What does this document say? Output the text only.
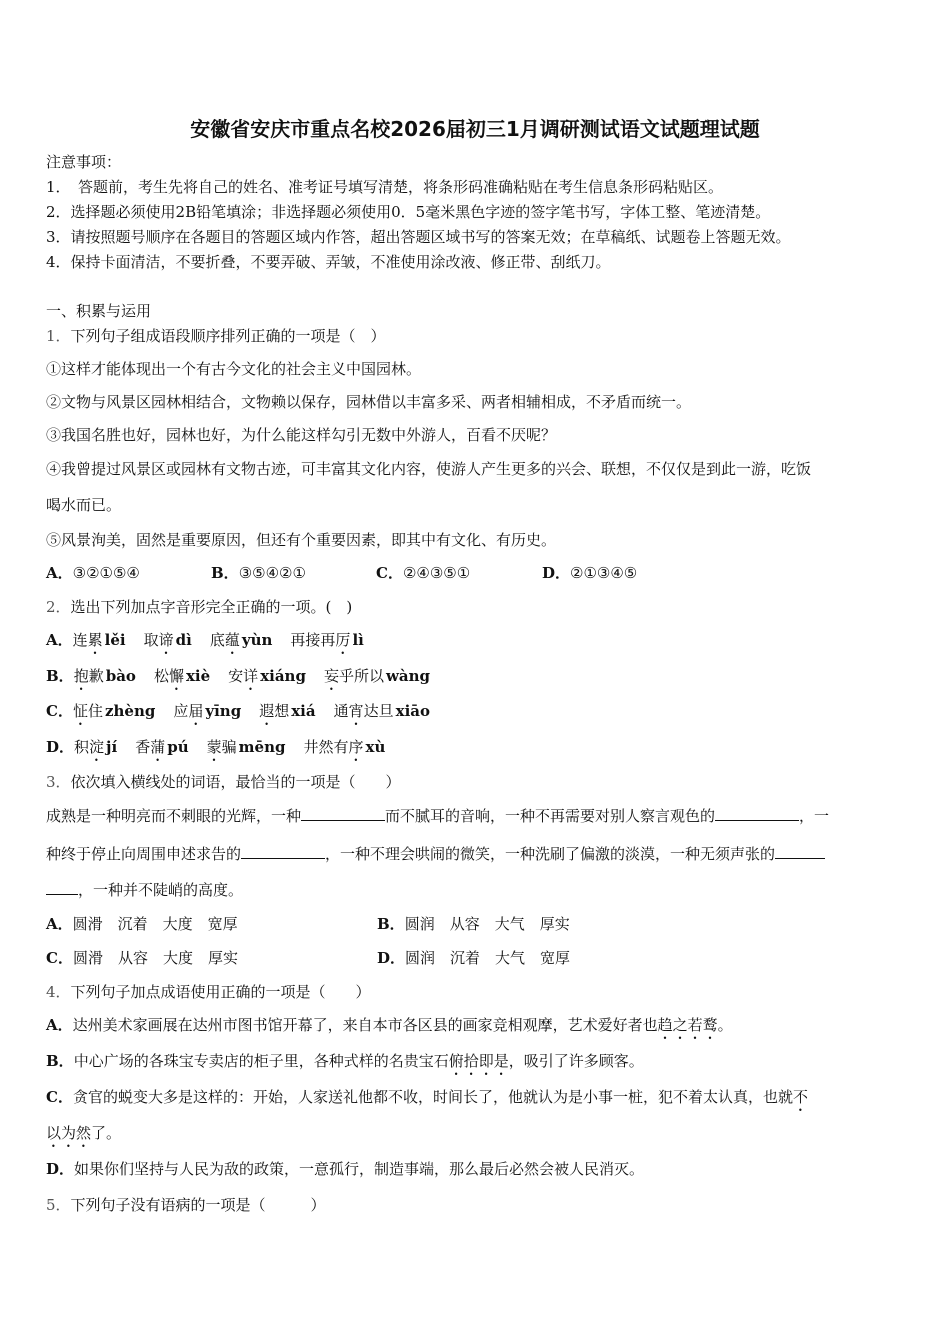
安徽省安庆市重点名校2026届初三1月调研测试语文试题理试题
注意事项：
1．　答题前，考生先将自己的姓名、准考证号填写清楚，将条形码准确粘贴在考生信息条形码粘贴区。
2．选择题必须使用2B铅笔填涂；非选择题必须使用0．5毫米黑色字迹的签字笔书写，字体工整、笔迹清楚。
3．请按照题号顺序在各题目的答题区域内作答，超出答题区域书写的答案无效；在草稿纸、试题卷上答题无效。
4．保持卡面清洁，不要折叠，不要弄破、弄皱，不准使用涂改液、修正带、刮纸刀。
一、积累与运用
1．下列句子组成语段顺序排列正确的一项是（　）
①这样才能体现出一个有古今文化的社会主义中国园林。
②文物与风景区园林相结合，文物赖以保存，园林借以丰富多采、两者相辅相成，不矛盾而统一。
③我国名胜也好，园林也好，为什么能这样勾引无数中外游人，百看不厌呢？
④我曾提过风景区或园林有文物古迹，可丰富其文化内容，使游人产生更多的兴会、联想，不仅仅是到此一游，吃饭
喝水而已。
⑤风景洵美，固然是重要原因，但还有个重要因素，即其中有文化、有历史。
A．③②①⑤④	B．③⑤④②①	C．②④③⑤①	D．②①③④⑤
2．选出下列加点字音形完全正确的一项。(　)
A．连累 lěi 取谛 dì 底蕴 yùn 再接再厉 lì
B．抱歉 bào 松懈 xiè 安详 xiáng 妄乎所以 wàng
C．怔住 zhèng 应届 yīng 遐想 xiá 通宵达旦 xiāo
D．积淀 jí 香蒲 pú 蒙骗 mēng 井然有序 xù
3．依次填入横线处的词语，最恰当的一项是（　　）
成熟是一种明亮而不刺眼的光辉，一种	而不腻耳的音响，一种不再需要对别人察言观色的	，一
种终于停止向周围申述求告的	，一种不理会哄闹的微笑，一种洗刷了偏激的淡漠，一种无须声张的
，一种并不陡峭的高度。
A．圆滑　沉着　大度　宽厚	B．圆润　从容　大气　厚实
C．圆滑　从容　大度　厚实	D．圆润　沉着　大气　宽厚
4．下列句子加点成语使用正确的一项是（　　）
A．达州美术家画展在达州市图书馆开幕了，来自本市各区县的画家竞相观摩，艺术爱好者也趋之若鹜。
B．中心广场的各珠宝专卖店的柜子里，各种式样的名贵宝石俯拾即是，吸引了许多顾客。
C．贪官的蜕变大多是这样的：开始，人家送礼他都不收，时间长了，他就认为是小事一桩，犯不着太认真，也就不
以为然了。
D．如果你们坚持与人民为敌的政策，一意孤行，制造事端，那么最后必然会被人民消灭。
5．下列句子没有语病的一项是（　　　）
